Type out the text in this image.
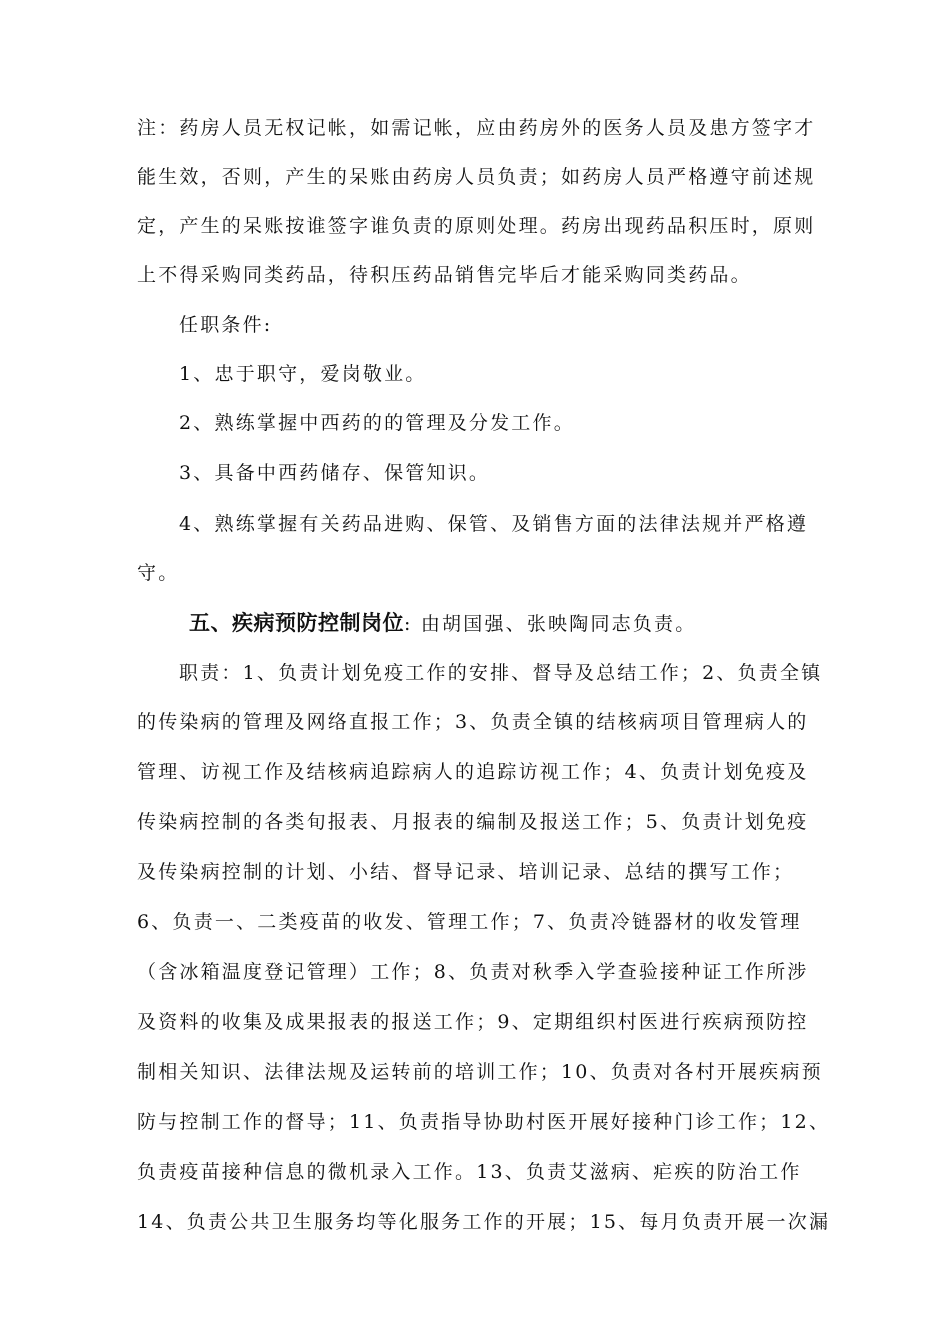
注：药房人员无权记帐，如需记帐，应由药房外的医务人员及患方签字才
能生效，否则，产生的呆账由药房人员负责；如药房人员严格遵守前述规
定，产生的呆账按谁签字谁负责的原则处理。药房出现药品积压时，原则
上不得采购同类药品，待积压药品销售完毕后才能采购同类药品。
任职条件:
1、忠于职守，爱岗敬业。
2、熟练掌握中西药的的管理及分发工作。
3、具备中西药储存、保管知识。
4、熟练掌握有关药品进购、保管、及销售方面的法律法规并严格遵
守。
五、疾病预防控制岗位: 由胡国强、张映陶同志负责。
职责：1、负责计划免疫工作的安排、督导及总结工作；2、负责全镇
的传染病的管理及网络直报工作；3、负责全镇的结核病项目管理病人的
管理、访视工作及结核病追踪病人的追踪访视工作；4、负责计划免疫及
传染病控制的各类旬报表、月报表的编制及报送工作；5、负责计划免疫
及传染病控制的计划、小结、督导记录、培训记录、总结的撰写工作；
6、负责一、二类疫苗的收发、管理工作；7、负责冷链器材的收发管理
（含冰箱温度登记管理）工作；8、负责对秋季入学查验接种证工作所涉
及资料的收集及成果报表的报送工作；9、定期组织村医进行疾病预防控
制相关知识、法律法规及运转前的培训工作；10、负责对各村开展疾病预
防与控制工作的督导；11、负责指导协助村医开展好接种门诊工作；12、
负责疫苗接种信息的微机录入工作。13、负责艾滋病、疟疾的防治工作
14、负责公共卫生服务均等化服务工作的开展；15、每月负责开展一次漏
